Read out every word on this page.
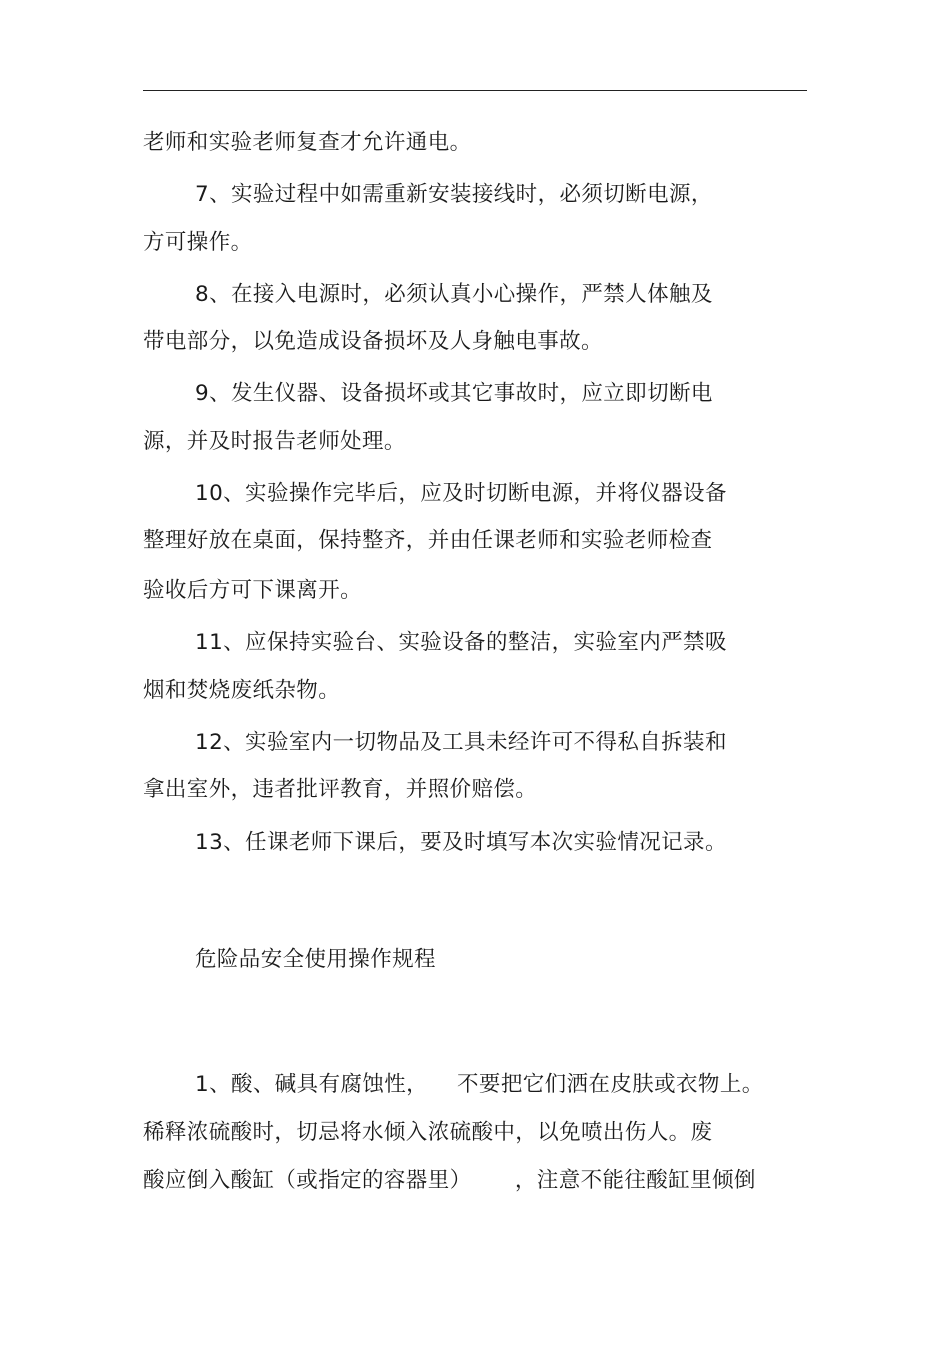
老师和实验老师复查才允许通电。
7、实验过程中如需重新安装接线时，必须切断电源，
方可操作。
8、在接入电源时，必须认真小心操作，严禁人体触及
带电部分，以免造成设备损坏及人身触电事故。
9、发生仪器、设备损坏或其它事故时，应立即切断电
源，并及时报告老师处理。
10、实验操作完毕后，应及时切断电源，并将仪器设备
整理好放在桌面，保持整齐，并由任课老师和实验老师检查
验收后方可下课离开。
11、应保持实验台、实验设备的整洁，实验室内严禁吸
烟和焚烧废纸杂物。
12、实验室内一切物品及工具未经许可不得私自拆装和
拿出室外，违者批评教育，并照价赔偿。
13、任课老师下课后，要及时填写本次实验情况记录。
危险品安全使用操作规程
1、酸、碱具有腐蚀性，    不要把它们洒在皮肤或衣物上。
稀释浓硫酸时，切忌将水倾入浓硫酸中，以免喷出伤人。废
酸应倒入酸缸（或指定的容器里）      ，注意不能往酸缸里倾倒
